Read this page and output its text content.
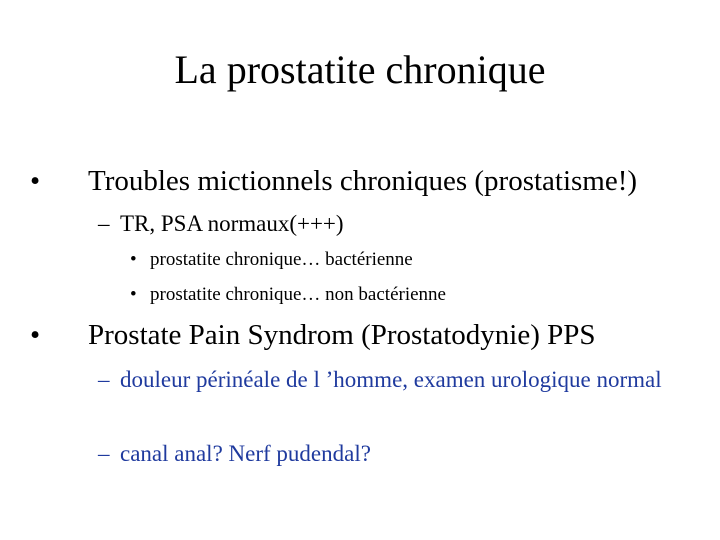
La prostatite chronique
• Troubles mictionnels chroniques (prostatisme!)
– TR, PSA normaux(+++)
• prostatite chronique… bactérienne
• prostatite chronique… non bactérienne
• Prostate Pain Syndrom (Prostatodynie) PPS
– douleur périnéale de l ’homme, examen urologique normal
– canal anal? Nerf pudendal?
